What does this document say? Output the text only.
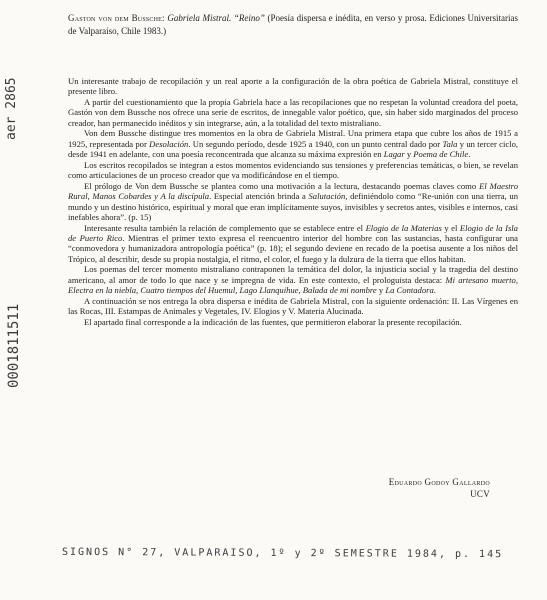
aer 2865
0001811511
Gaston von dem Bussche: Gabriela Mistral. “Reino” (Poesía dispersa e inédita, en verso y prosa. Ediciones Universitarias de Valparaíso, Chile 1983.)

Un interesante trabajo de recopilación y un real aporte a la configuración de la obra poética de Gabriela Mistral, constituye el presente libro.

A partir del cuestionamiento que la propia Gabriela hace a las recopilaciones que no respetan la voluntad creadora del poeta, Gastón von dem Bussche nos ofrece una serie de escritos, de innegable valor poético, que, sin haber sido marginados del proceso creador, han permanecido inéditos y sin integrarse, aún, a la totalidad del texto mistraliano.

Von dem Bussche distingue tres momentos en la obra de Gabriela Mistral. Una primera etapa que cubre los años de 1915 a 1925, representada por Desolación. Un segundo período, desde 1925 a 1940, con un punto central dado por Tala y un tercer ciclo, desde 1941 en adelante, con una poesía reconcentrada que alcanza su máxima expresión en Lagar y Poema de Chile.

Los escritos recopilados se integran a estos momentos evidenciando sus tensiones y preferencias temáticas, o bien, se revelan como articulaciones de un proceso creador que va modificándose en el tiempo.

El prólogo de Von dem Bussche se plantea como una motivación a la lectura, destacando poemas claves como El Maestro Rural, Manos Cobardes y A la discípula. Especial atención brinda a Salutación, definiéndolo como “Re-unión con una tierra, un mundo y un destino histórico, espiritual y moral que eran implícitamente suyos, invisibles y secretos antes, visibles e internos, casi inefables ahora”. (p. 15)

Interesante resulta también la relación de complemento que se establece entre el Elogio de la Materias y el Elogio de la Isla de Puerto Rico. Mientras el primer texto expresa el reencuentro interior del hombre con las sustancias, hasta configurar una “conmovedora y humanizadora antropología poética” (p. 18); el segundo deviene en recado de la poetisa ausente a los niños del Trópico, al describir, desde su propia nostalgia, el ritmo, el color, el fuego y la dulzura de la tierra que ellos habitan.

Los poemas del tercer momento mistraliano contraponen la temática del dolor, la injusticia social y la tragedia del destino americano, al amor de todo lo que nace y se impregna de vida. En este contexto, el prologuista destaca: Mi artesano muerto, Electra en la niebla, Cuatro tiempos del Huemul, Lago Llanquihue, Balada de mi nombre y La Contadora.

A continuación se nos entrega la obra dispersa e inédita de Gabriela Mistral, con la siguiente ordenación: II. Las Vírgenes en las Rocas, III. Estampas de Animales y Vegetales, IV. Elogios y V. Materia Alucinada.

El apartado final corresponde a la indicación de las fuentes, que permitieron elaborar la presente recopilación.

Eduardo Godoy Gallardo
UCV
SIGNOS N° 27, VALPARAISO, 1º y 2º SEMESTRE 1984, p. 145
